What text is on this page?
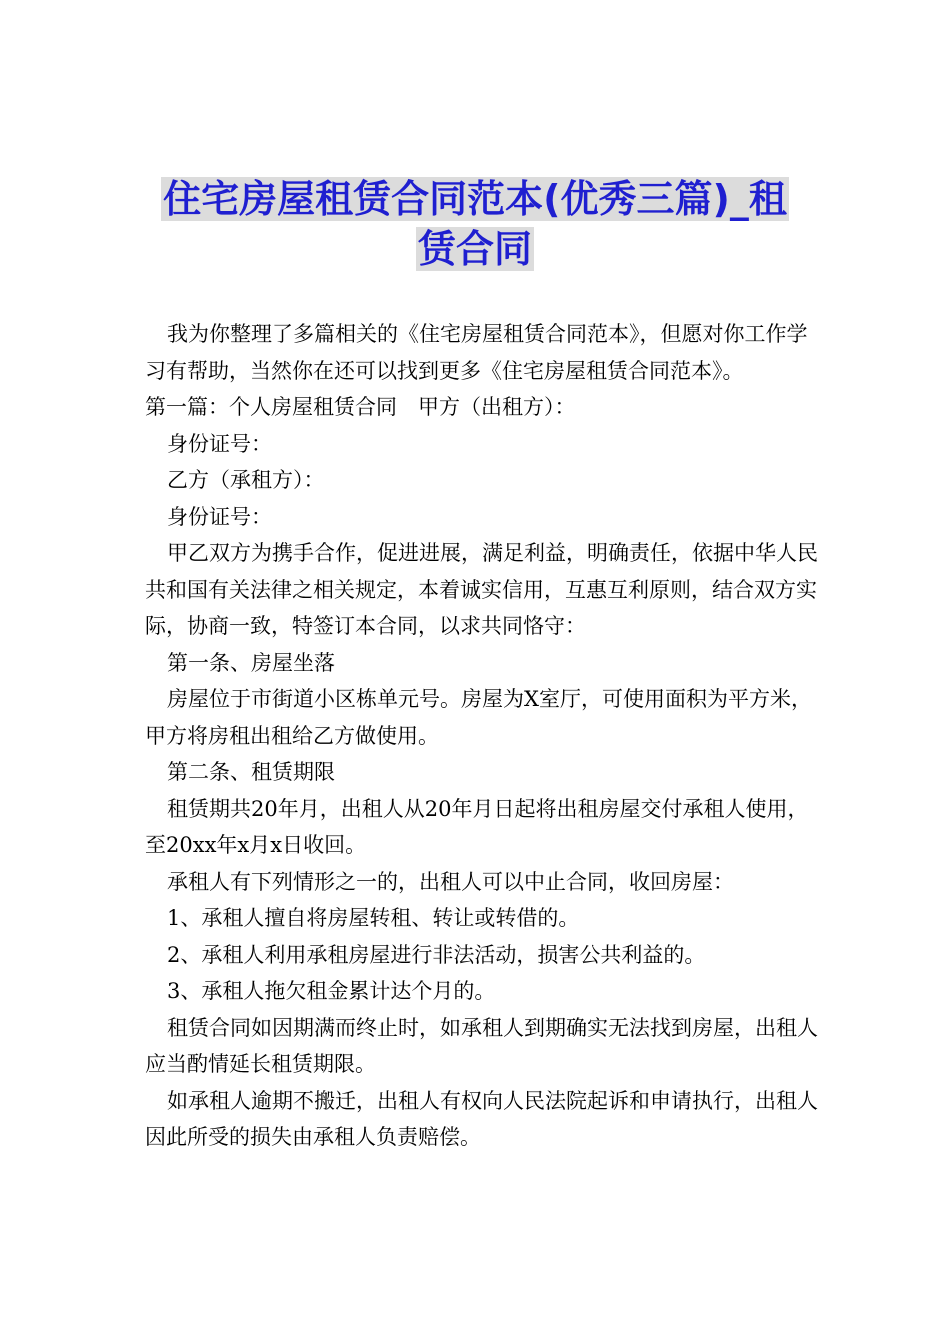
住宅房屋租赁合同范本(优秀三篇)_租
赁合同

我为你整理了多篇相关的《住宅房屋租赁合同范本》，但愿对你工作学习有帮助，当然你在还可以找到更多《住宅房屋租赁合同范本》。

第一篇：个人房屋租赁合同　甲方（出租方）：

身份证号：

乙方（承租方）：

身份证号：

甲乙双方为携手合作，促进进展，满足利益，明确责任，依据中华人民共和国有关法律之相关规定，本着诚实信用，互惠互利原则，结合双方实际，协商一致，特签订本合同，以求共同恪守：

第一条、房屋坐落

房屋位于市街道小区栋单元号。房屋为X室厅，可使用面积为平方米，甲方将房租出租给乙方做使用。

第二条、租赁期限

租赁期共20年月，出租人从20年月日起将出租房屋交付承租人使用，至20xx年x月x日收回。

承租人有下列情形之一的，出租人可以中止合同，收回房屋：

1、承租人擅自将房屋转租、转让或转借的。

2、承租人利用承租房屋进行非法活动，损害公共利益的。

3、承租人拖欠租金累计达个月的。

租赁合同如因期满而终止时，如承租人到期确实无法找到房屋，出租人应当酌情延长租赁期限。

如承租人逾期不搬迁，出租人有权向人民法院起诉和申请执行，出租人因此所受的损失由承租人负责赔偿。
